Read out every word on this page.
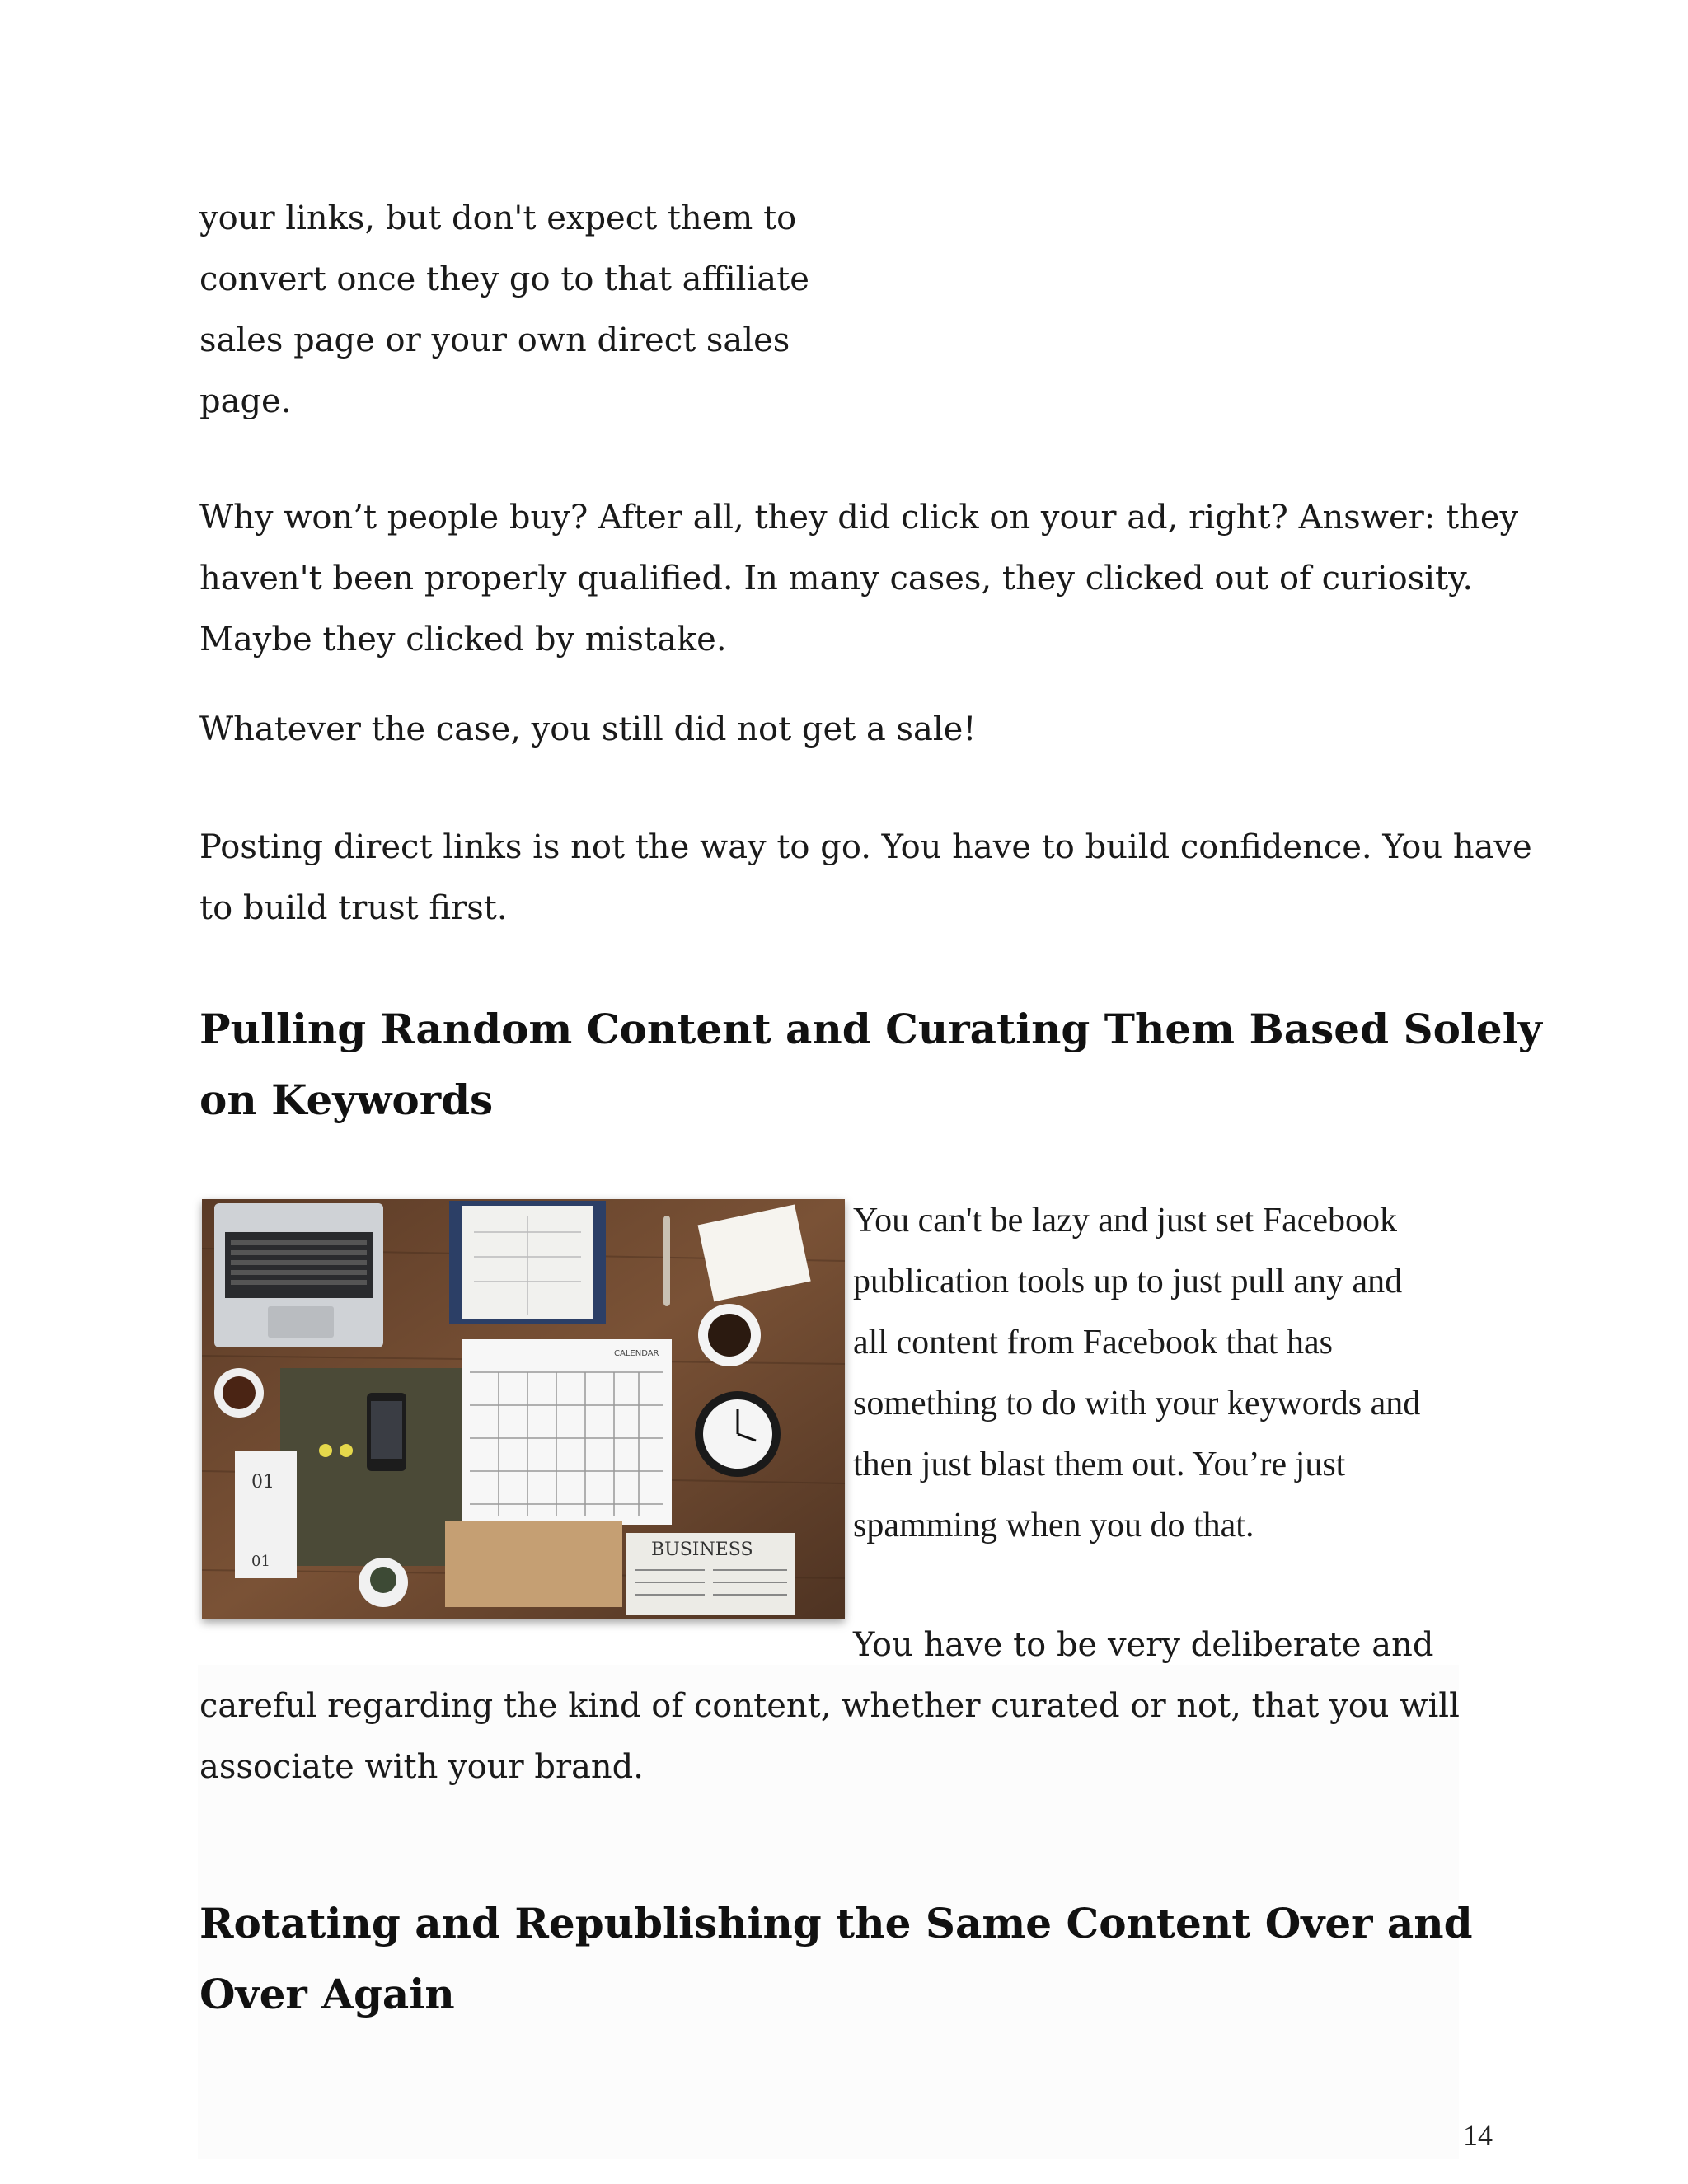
your links, but don't expect them to
convert once they go to that affiliate
sales page or your own direct sales
page.
Why won’t people buy? After all, they did click on your ad, right? Answer: they
haven't been properly qualified. In many cases, they clicked out of curiosity.
Maybe they clicked by mistake.
Whatever the case, you still did not get a sale!
Posting direct links is not the way to go. You have to build confidence. You have
to build trust first.
Pulling Random Content and Curating Them Based Solely
on Keywords
01
01
CALENDAR
BUSINESS
You can't be lazy and just set Facebook
publication tools up to just pull any and
all content from Facebook that has
something to do with your keywords and
then just blast them out. You’re just
spamming when you do that.
You have to be very deliberate and
careful regarding the kind of content, whether curated or not, that you will
associate with your brand.
Rotating and Republishing the Same Content Over and
Over Again
14
